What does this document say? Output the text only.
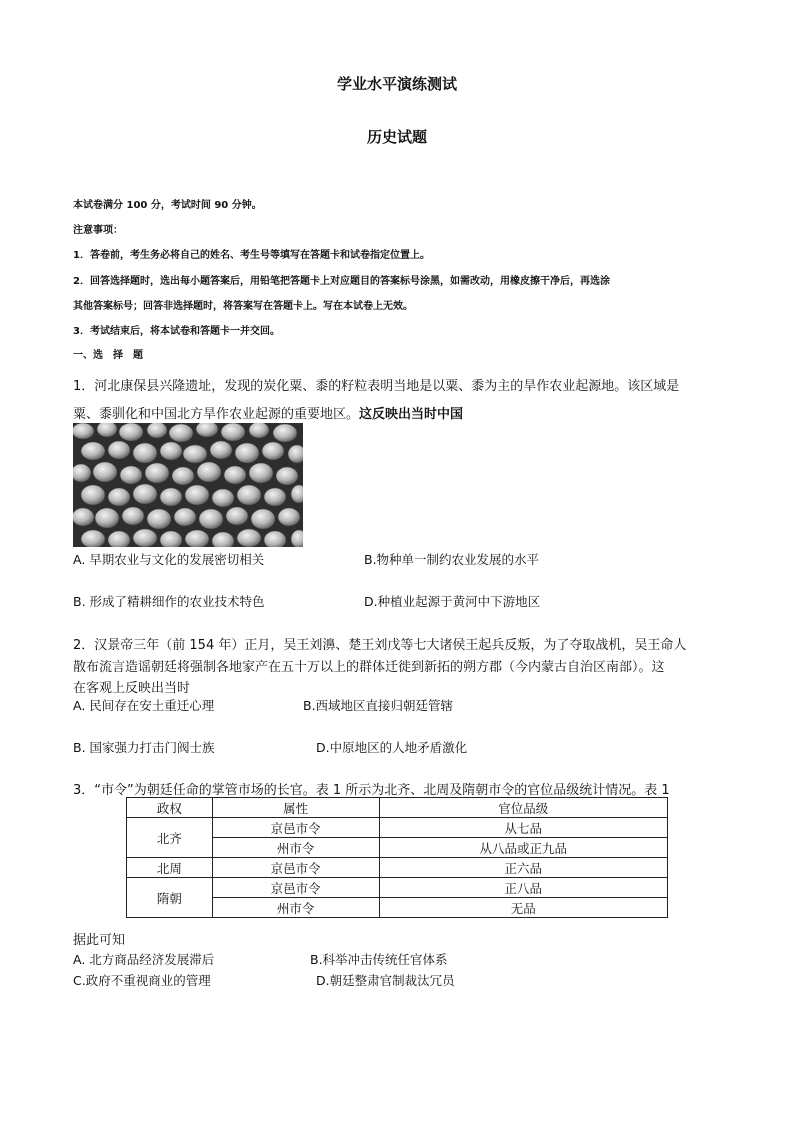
学业水平演练测试
历史试题
本试卷满分 100 分，考试时间 90 分钟。
注意事项：
1．答卷前，考生务必将自己的姓名、考生号等填写在答题卡和试卷指定位置上。
2．回答选择题时，选出每小题答案后，用铅笔把答题卡上对应题目的答案标号涂黑，如需改动，用橡皮擦干净后，再选涂
其他答案标号；回答非选择题时，将答案写在答题卡上。写在本试卷上无效。
3．考试结束后，将本试卷和答题卡一并交回。
一、选　择　题
1．河北康保县兴隆遗址，发现的炭化粟、黍的籽粒表明当地是以粟、黍为主的旱作农业起源地。该区域是
粟、黍驯化和中国北方旱作农业起源的重要地区。这反映出当时中国
A. 早期农业与文化的发展密切相关	B.物种单一制约农业发展的水平
B. 形成了精耕细作的农业技术特色	D.种植业起源于黄河中下游地区
2．汉景帝三年（前 154 年）正月，吴王刘濞、楚王刘戊等七大诸侯王起兵反叛，为了夺取战机，吴王命人
散布流言造谣朝廷将强制各地家产在五十万以上的群体迁徙到新拓的朔方郡（今内蒙古自治区南部）。这
在客观上反映出当时
A. 民间存在安土重迁心理	B.西域地区直接归朝廷管辖
B. 国家强力打击门阀士族	D.中原地区的人地矛盾激化
3．“市令”为朝廷任命的掌管市场的长官。表 1 所示为北齐、北周及隋朝市令的官位品级统计情况。表 1
政权	属性	官位品级
北齐	京邑市令	从七品
	州市令	从八品或正九品
北周	京邑市令	正六品
隋朝	京邑市令	正八品
	州市令	无品
据此可知
A. 北方商品经济发展滞后	B.科举冲击传统任官体系
C.政府不重视商业的管理	D.朝廷整肃官制裁汰冗员
